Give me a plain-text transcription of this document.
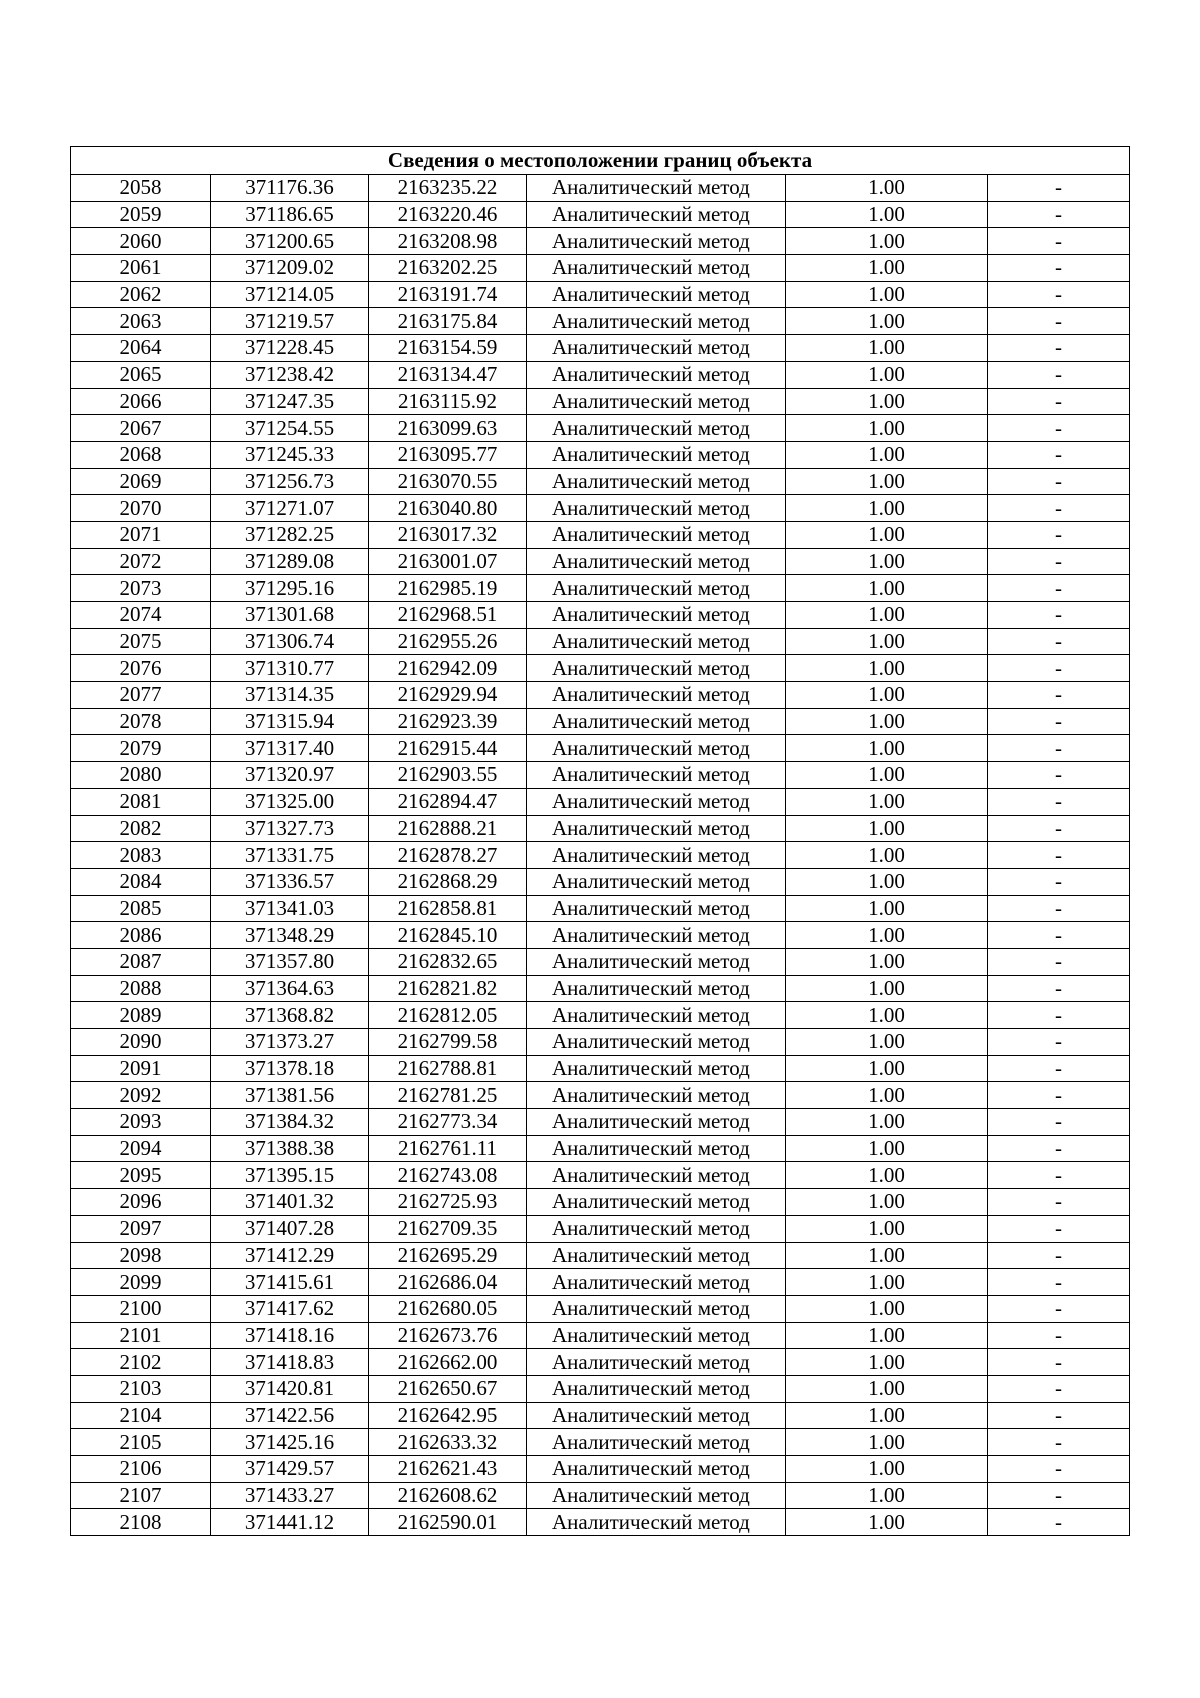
Сведения о местоположении границ объекта					
2058	371176.36	2163235.22	Аналитический метод	1.00	-
2059	371186.65	2163220.46	Аналитический метод	1.00	-
2060	371200.65	2163208.98	Аналитический метод	1.00	-
2061	371209.02	2163202.25	Аналитический метод	1.00	-
2062	371214.05	2163191.74	Аналитический метод	1.00	-
2063	371219.57	2163175.84	Аналитический метод	1.00	-
2064	371228.45	2163154.59	Аналитический метод	1.00	-
2065	371238.42	2163134.47	Аналитический метод	1.00	-
2066	371247.35	2163115.92	Аналитический метод	1.00	-
2067	371254.55	2163099.63	Аналитический метод	1.00	-
2068	371245.33	2163095.77	Аналитический метод	1.00	-
2069	371256.73	2163070.55	Аналитический метод	1.00	-
2070	371271.07	2163040.80	Аналитический метод	1.00	-
2071	371282.25	2163017.32	Аналитический метод	1.00	-
2072	371289.08	2163001.07	Аналитический метод	1.00	-
2073	371295.16	2162985.19	Аналитический метод	1.00	-
2074	371301.68	2162968.51	Аналитический метод	1.00	-
2075	371306.74	2162955.26	Аналитический метод	1.00	-
2076	371310.77	2162942.09	Аналитический метод	1.00	-
2077	371314.35	2162929.94	Аналитический метод	1.00	-
2078	371315.94	2162923.39	Аналитический метод	1.00	-
2079	371317.40	2162915.44	Аналитический метод	1.00	-
2080	371320.97	2162903.55	Аналитический метод	1.00	-
2081	371325.00	2162894.47	Аналитический метод	1.00	-
2082	371327.73	2162888.21	Аналитический метод	1.00	-
2083	371331.75	2162878.27	Аналитический метод	1.00	-
2084	371336.57	2162868.29	Аналитический метод	1.00	-
2085	371341.03	2162858.81	Аналитический метод	1.00	-
2086	371348.29	2162845.10	Аналитический метод	1.00	-
2087	371357.80	2162832.65	Аналитический метод	1.00	-
2088	371364.63	2162821.82	Аналитический метод	1.00	-
2089	371368.82	2162812.05	Аналитический метод	1.00	-
2090	371373.27	2162799.58	Аналитический метод	1.00	-
2091	371378.18	2162788.81	Аналитический метод	1.00	-
2092	371381.56	2162781.25	Аналитический метод	1.00	-
2093	371384.32	2162773.34	Аналитический метод	1.00	-
2094	371388.38	2162761.11	Аналитический метод	1.00	-
2095	371395.15	2162743.08	Аналитический метод	1.00	-
2096	371401.32	2162725.93	Аналитический метод	1.00	-
2097	371407.28	2162709.35	Аналитический метод	1.00	-
2098	371412.29	2162695.29	Аналитический метод	1.00	-
2099	371415.61	2162686.04	Аналитический метод	1.00	-
2100	371417.62	2162680.05	Аналитический метод	1.00	-
2101	371418.16	2162673.76	Аналитический метод	1.00	-
2102	371418.83	2162662.00	Аналитический метод	1.00	-
2103	371420.81	2162650.67	Аналитический метод	1.00	-
2104	371422.56	2162642.95	Аналитический метод	1.00	-
2105	371425.16	2162633.32	Аналитический метод	1.00	-
2106	371429.57	2162621.43	Аналитический метод	1.00	-
2107	371433.27	2162608.62	Аналитический метод	1.00	-
2108	371441.12	2162590.01	Аналитический метод	1.00	-
